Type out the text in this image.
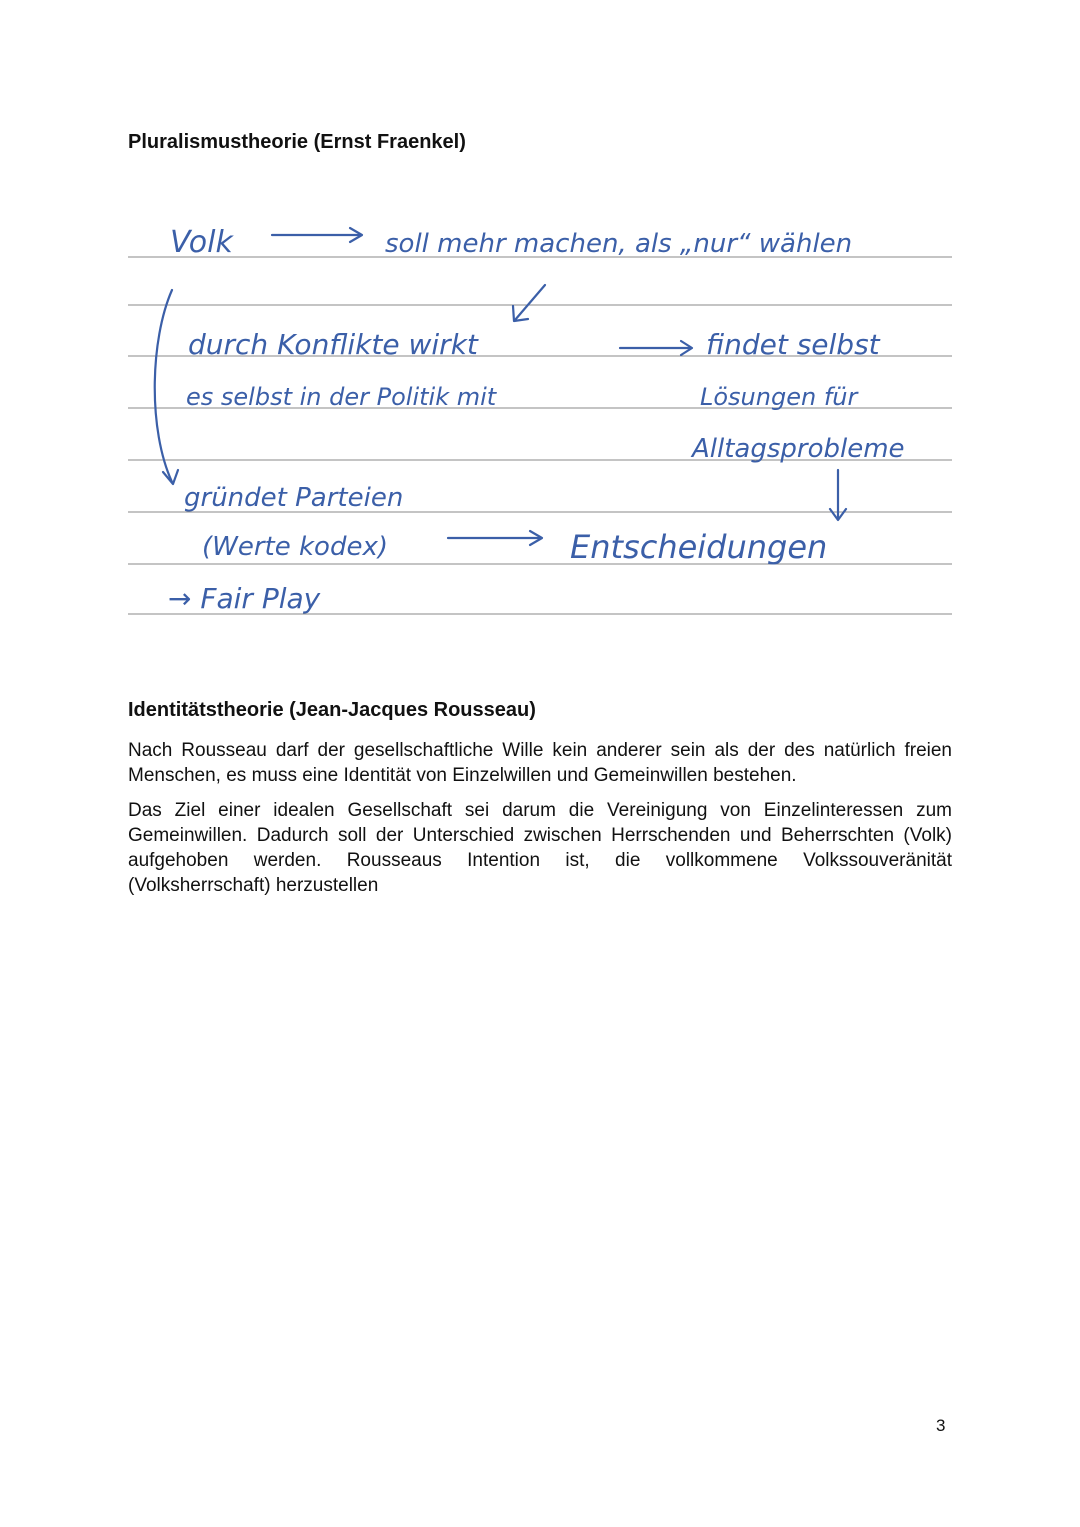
Pluralismustheorie (Ernst Fraenkel)
Volk	soll mehr machen, als „nur“ wählen
durch Konflikte wirkt
es selbst in der Politik mit
findet selbst
Lösungen für
Alltagsprobleme
gründet Parteien
(Werte kodex)	Entscheidungen
→ Fair Play
Identitätstheorie (Jean-Jacques Rousseau)

Nach Rousseau darf der gesellschaftliche Wille kein anderer sein als der des natürlich freien Menschen, es muss eine Identität von Einzelwillen und Gemeinwillen bestehen.

Das Ziel einer idealen Gesellschaft sei darum die Vereinigung von Einzelinteressen zum Gemeinwillen. Dadurch soll der Unterschied zwischen Herrschenden und Beherrschten (Volk) aufgehoben werden. Rousseaus Intention ist, die vollkommene Volkssouveränität (Volksherrschaft) herzustellen

3
